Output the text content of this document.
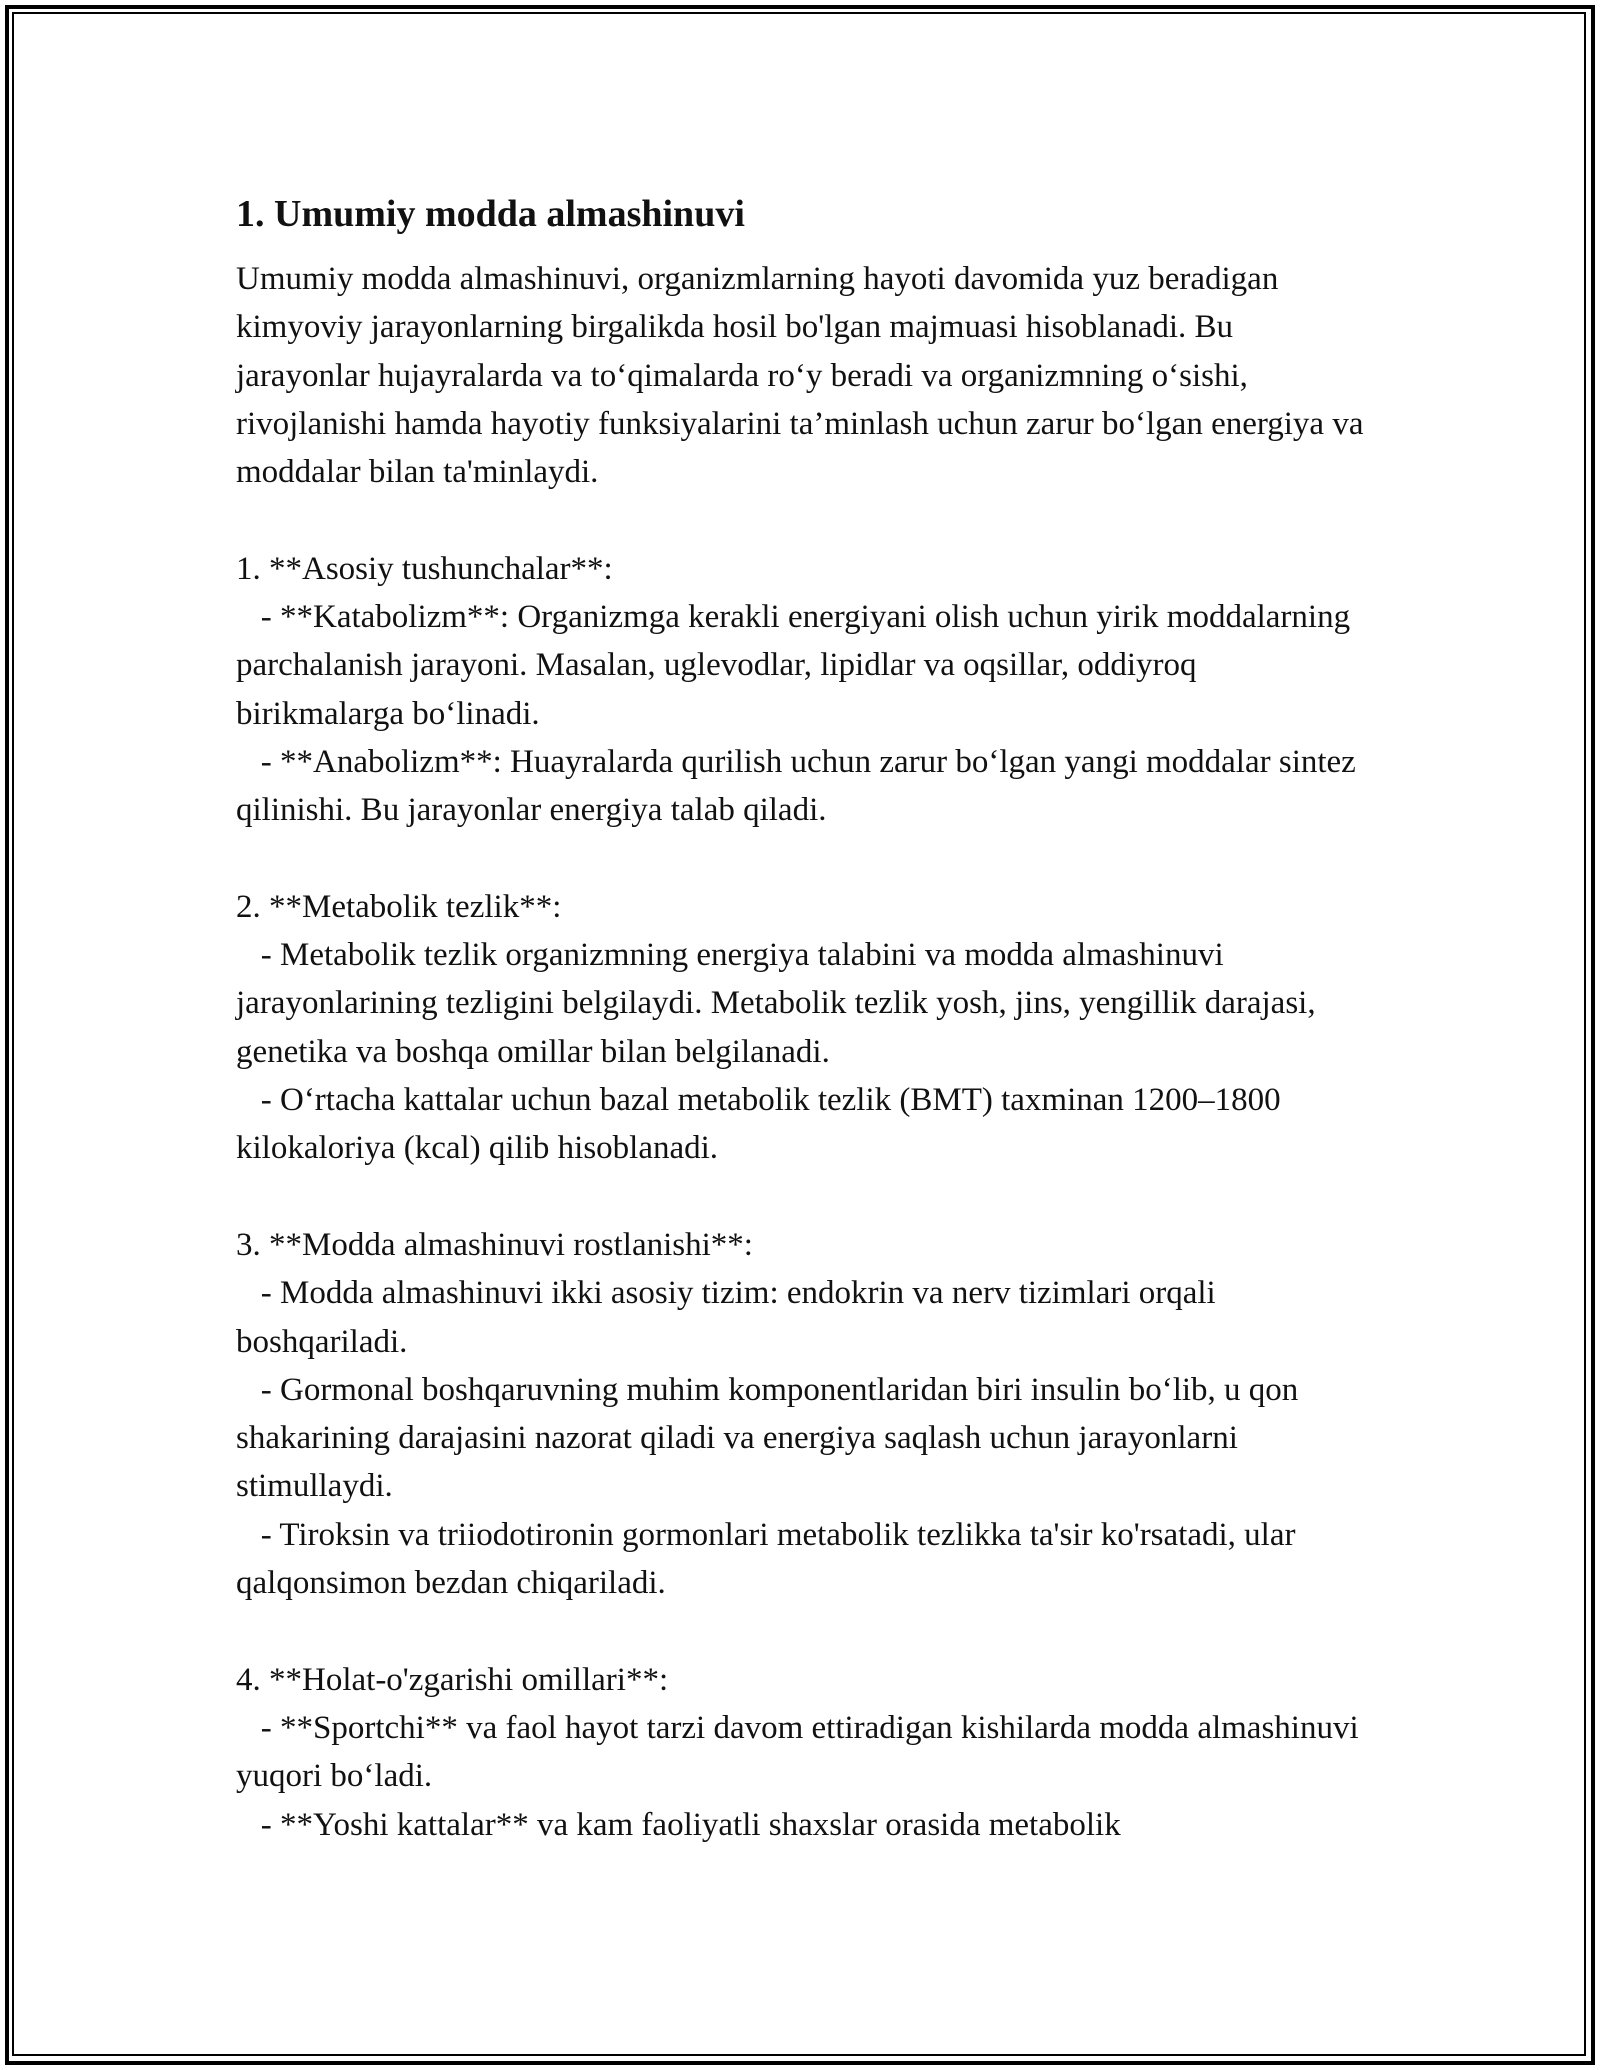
1. Umumiy modda almashinuvi

Umumiy modda almashinuvi, organizmlarning hayoti davomida yuz beradigan kimyoviy jarayonlarning birgalikda hosil bo'lgan majmuasi hisoblanadi. Bu jarayonlar hujayralarda va to‘qimalarda ro‘y beradi va organizmning o‘sishi, rivojlanishi hamda hayotiy funksiyalarini ta’minlash uchun zarur bo‘lgan energiya va moddalar bilan ta'minlaydi.

1. **Asosiy tushunchalar**:

- **Katabolizm**: Organizmga kerakli energiyani olish uchun yirik moddalarning parchalanish jarayoni. Masalan, uglevodlar, lipidlar va oqsillar, oddiyroq birikmalarga bo‘linadi.

- **Anabolizm**: Huayralarda qurilish uchun zarur bo‘lgan yangi moddalar sintez qilinishi. Bu jarayonlar energiya talab qiladi.

2. **Metabolik tezlik**:

- Metabolik tezlik organizmning energiya talabini va modda almashinuvi jarayonlarining tezligini belgilaydi. Metabolik tezlik yosh, jins, yengillik darajasi, genetika va boshqa omillar bilan belgilanadi.

- O‘rtacha kattalar uchun bazal metabolik tezlik (BMT) taxminan 1200–1800 kilokaloriya (kcal) qilib hisoblanadi.

3. **Modda almashinuvi rostlanishi**:

- Modda almashinuvi ikki asosiy tizim: endokrin va nerv tizimlari orqali boshqariladi.

- Gormonal boshqaruvning muhim komponentlaridan biri insulin bo‘lib, u qon shakarining darajasini nazorat qiladi va energiya saqlash uchun jarayonlarni stimullaydi.

- Tiroksin va triiodotironin gormonlari metabolik tezlikka ta'sir ko'rsatadi, ular qalqonsimon bezdan chiqariladi.

4. **Holat-o'zgarishi omillari**:

- **Sportchi** va faol hayot tarzi davom ettiradigan kishilarda modda almashinuvi yuqori bo‘ladi.

- **Yoshi kattalar** va kam faoliyatli shaxslar orasida metabolik
